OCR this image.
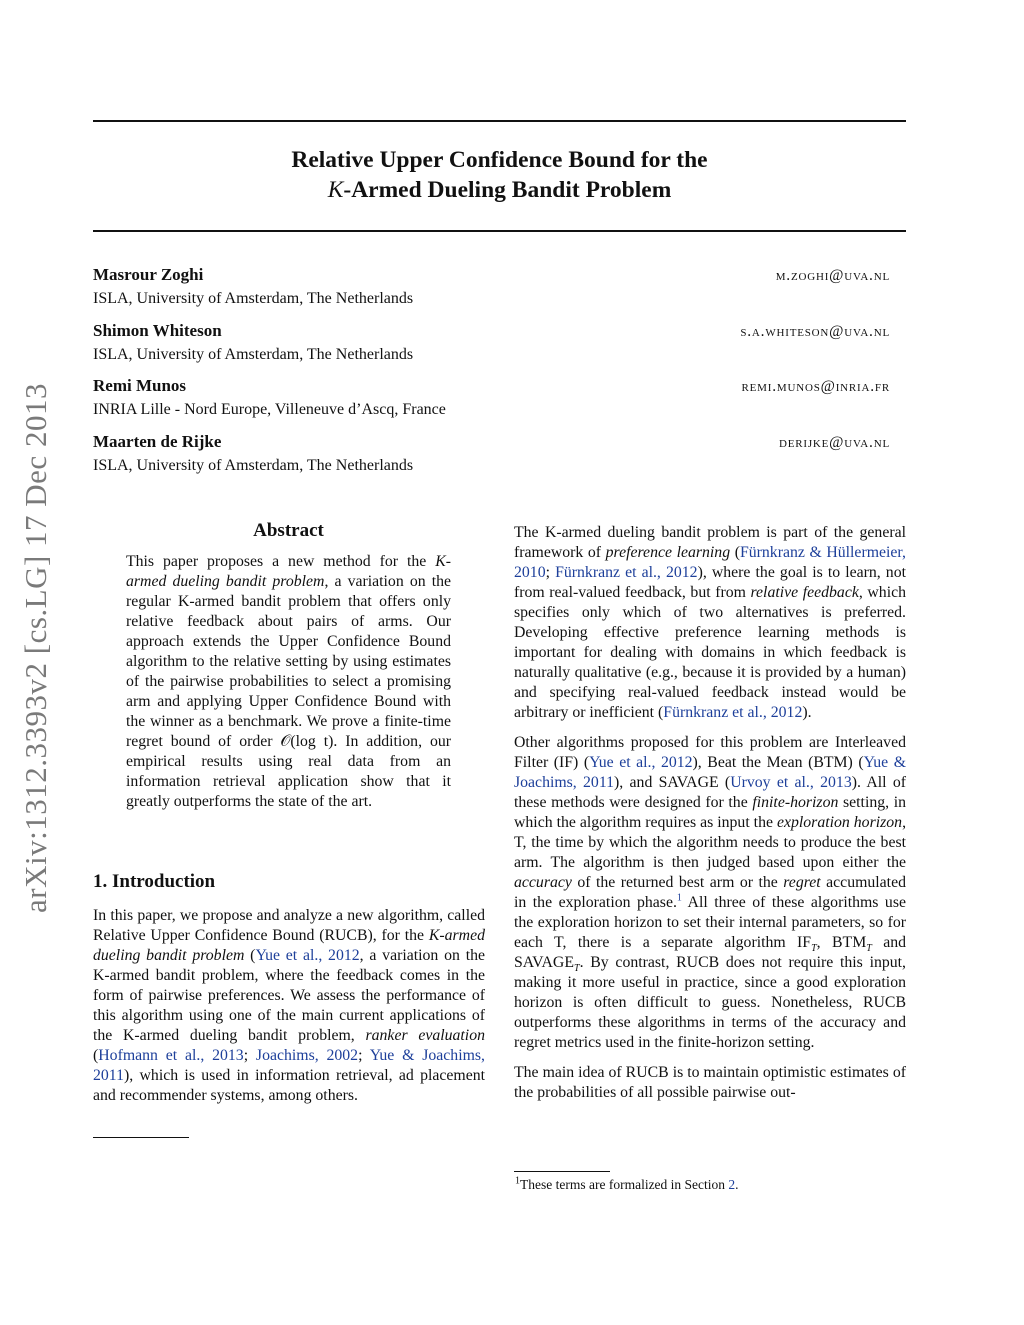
arXiv:1312.3393v2 [cs.LG] 17 Dec 2013
Relative Upper Confidence Bound for the
K-Armed Dueling Bandit Problem
Masrour Zoghi	m.zoghi@uva.nl
ISLA, University of Amsterdam, The Netherlands
Shimon Whiteson	s.a.whiteson@uva.nl
ISLA, University of Amsterdam, The Netherlands
Remi Munos	remi.munos@inria.fr
INRIA Lille - Nord Europe, Villeneuve d’Ascq, France
Maarten de Rijke	derijke@uva.nl
ISLA, University of Amsterdam, The Netherlands
Abstract

This paper proposes a new method for the K-armed dueling bandit problem, a variation on the regular K-armed bandit problem that offers only relative feedback about pairs of arms. Our approach extends the Upper Confidence Bound algorithm to the relative setting by using estimates of the pairwise probabilities to select a promising arm and applying Upper Confidence Bound with the winner as a benchmark. We prove a finite-time regret bound of order 𝒪(log t). In addition, our empirical results using real data from an information retrieval application show that it greatly outperforms the state of the art.

1. Introduction

In this paper, we propose and analyze a new algorithm, called Relative Upper Confidence Bound (RUCB), for the K-armed dueling bandit problem (Yue et al., 2012, a variation on the K-armed bandit problem, where the feedback comes in the form of pairwise preferences. We assess the performance of this algorithm using one of the main current applications of the K-armed dueling bandit problem, ranker evaluation (Hofmann et al., 2013; Joachims, 2002; Yue & Joachims, 2011), which is used in information retrieval, ad placement and recommender systems, among others.

The K-armed dueling bandit problem is part of the general framework of preference learning (Fürnkranz & Hüllermeier, 2010; Fürnkranz et al., 2012), where the goal is to learn, not from real-valued feedback, but from relative feedback, which specifies only which of two alternatives is preferred. Developing effective preference learning methods is important for dealing with domains in which feedback is naturally qualitative (e.g., because it is provided by a human) and specifying real-valued feedback instead would be arbitrary or inefficient (Fürnkranz et al., 2012).

Other algorithms proposed for this problem are Interleaved Filter (IF) (Yue et al., 2012), Beat the Mean (BTM) (Yue & Joachims, 2011), and SAVAGE (Urvoy et al., 2013). All of these methods were designed for the finite-horizon setting, in which the algorithm requires as input the exploration horizon, T, the time by which the algorithm needs to produce the best arm. The algorithm is then judged based upon either the accuracy of the returned best arm or the regret accumulated in the exploration phase.$^1$ All three of these algorithms use the exploration horizon to set their internal parameters, so for each T, there is a separate algorithm $IF_T$, $BTM_T$ and $SAVAGE_T$. By contrast, RUCB does not require this input, making it more useful in practice, since a good exploration horizon is often difficult to guess. Nonetheless, RUCB outperforms these algorithms in terms of the accuracy and regret metrics used in the finite-horizon setting.

The main idea of RUCB is to maintain optimistic estimates of the probabilities of all possible pairwise out-

$^1$These terms are formalized in Section 2.
